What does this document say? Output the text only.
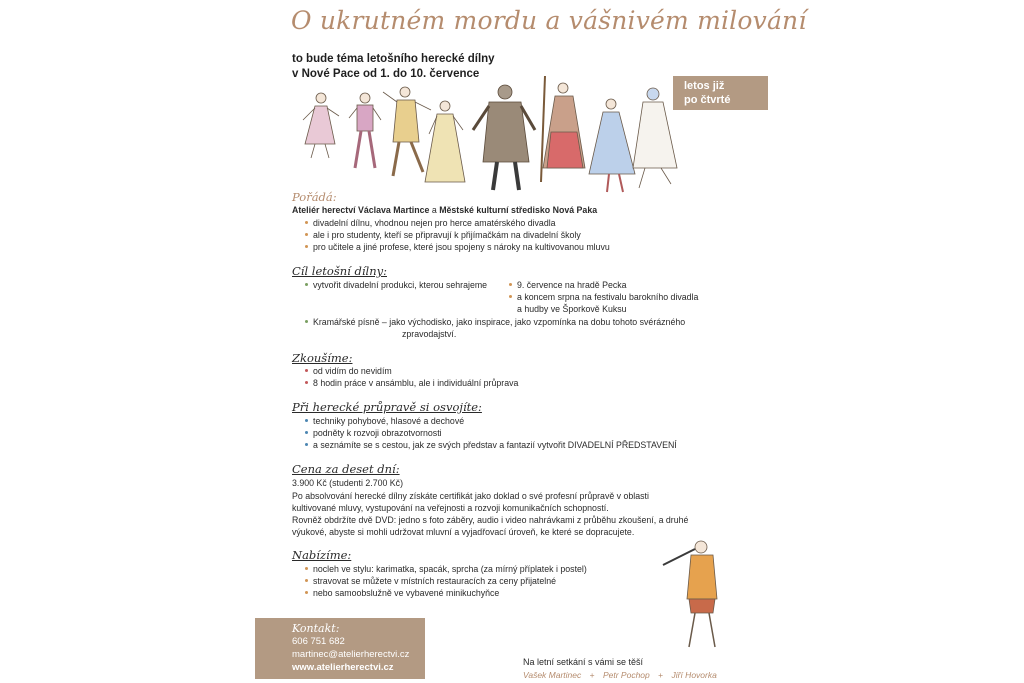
O ukrutném mordu a vášnivém milování
to bude téma letošního herecké dílny
v Nové Pace od 1. do 10. července
letos již
po čtvrté
Pořádá:
Ateliér herectví Václava Martince a Městské kulturní středisko Nová Paka
divadelní dílnu, vhodnou nejen pro herce amatérského divadla
ale i pro studenty, kteří se připravují k přijímačkám na divadelní školy
pro učitele a jiné profese, které jsou spojeny s nároky na kultivovanou mluvu
Cíl letošní dílny:
vytvořit divadelní produkci, kterou sehrajeme	9. července na hradě Pecka
a koncem srpna na festivalu barokního divadla
a hudby ve Šporkově Kuksu
Kramářské písně – jako východisko, jako inspirace, jako vzpomínka na dobu tohoto svérázného
zpravodajství.
Zkoušíme:
od vidím do nevidím
8 hodin práce v ansámblu, ale i individuální průprava
Při herecké průpravě si osvojíte:
techniky pohybové, hlasové a dechové
podněty k rozvoji obrazotvornosti
a seznámíte se s cestou, jak ze svých představ a fantazií vytvořit DIVADELNÍ PŘEDSTAVENÍ
Cena za deset dní:
3.900 Kč (studenti 2.700 Kč)
Po absolvování herecké dílny získáte certifikát jako doklad o své profesní průpravě v oblasti
kultivované mluvy, vystupování na veřejnosti a rozvoji komunikačních schopností.
Rovněž obdržíte dvě DVD: jedno s foto záběry, audio i video nahrávkami z průběhu zkoušení, a druhé
výukové, abyste si mohli udržovat mluvní a vyjadřovací úroveň, ke které se dopracujete.
Nabízíme:
nocleh ve stylu: karimatka, spacák, sprcha (za mírný příplatek i postel)
stravovat se můžete v místních restauracích za ceny přijatelné
nebo samoobslužně ve vybavené minikuchyňce
Kontakt:
606 751 682
martinec@atelierherectvi.cz
www.atelierherectvi.cz	Na letní setkání s vámi se těší
Vašek Martinec + Petr Pochop + Jiří Hovorka
